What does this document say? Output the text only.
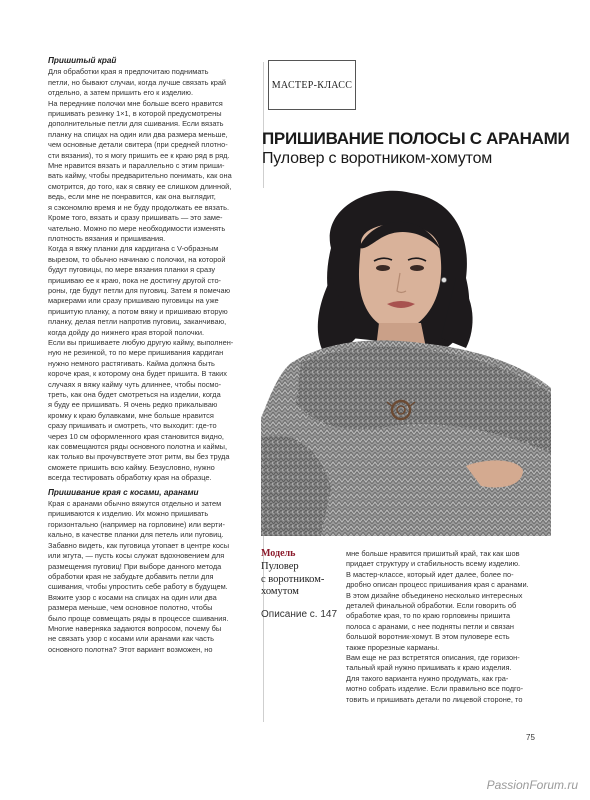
Пришитый край
Для обработки края я предпочитаю поднимать
петли, но бывают случаи, когда лучше связать край
отдельно, а затем пришить его к изделию.
На переднике полочки мне больше всего нравится
пришивать резинку 1×1, в которой предусмотрены
дополнительные петли для сшивания. Если вязать
планку на спицах на один или два размера меньше,
чем основные детали свитера (при средней плотно-
сти вязания), то я могу пришить ее к краю ряд в ряд.
Мне нравится вязать и параллельно с этим приши-
вать кайму, чтобы предварительно понимать, как она
смотрится, до того, как я свяжу ее слишком длинной,
ведь, если мне не понравится, как она выглядит,
я сэкономлю время и не буду продолжать ее вязать.
Кроме того, вязать и сразу пришивать — это заме-
чательно. Можно по мере необходимости изменять
плотность вязания и пришивания.
Когда я вяжу планки для кардигана с V-образным
вырезом, то обычно начинаю с полочки, на которой
будут пуговицы, по мере вязания планки я сразу
пришиваю ее к краю, пока не достигну другой сто-
роны, где будут петли для пуговиц. Затем я помечаю
маркерами или сразу пришиваю пуговицы на уже
пришитую планку, а потом вяжу и пришиваю вторую
планку, делая петли напротив пуговиц, заканчиваю,
когда дойду до нижнего края второй полочки.
Если вы пришиваете любую другую кайму, выполнен-
ную не резинкой, то по мере пришивания кардиган
нужно немного растягивать. Кайма должна быть
короче края, к которому она будет пришита. В таких
случаях я вяжу кайму чуть длиннее, чтобы посмо-
треть, как она будет смотреться на изделии, когда
я буду ее пришивать. Я очень редко прикалываю
кромку к краю булавками, мне больше нравится
сразу пришивать и смотреть, что выходит: где-то
через 10 см оформленного края становится видно,
как совмещаются ряды основного полотна и каймы,
как только вы прочувствуете этот ритм, вы без труда
сможете пришить всю кайму. Безусловно, нужно
всегда тестировать обработку края на образце.
Пришивание края с косами, аранами
Края с аранами обычно вяжутся отдельно и затем
пришиваются к изделию. Их можно пришивать
горизонтально (например на горловине) или верти-
кально, в качестве планки для петель или пуговиц.
Забавно видеть, как пуговица утопает в центре косы
или жгута, — пусть косы служат вдохновением для
размещения пуговиц! При выборе данного метода
обработки края не забудьте добавить петли для
сшивания, чтобы упростить себе работу в будущем.
Вяжите узор с косами на спицах на один или два
размера меньше, чем основное полотно, чтобы
было проще совмещать ряды в процессе сшивания.
Многие наверняка задаются вопросом, почему бы
не связать узор с косами или аранами как часть
основного полотна? Этот вариант возможен, но
МАСТЕР-КЛАСС
ПРИШИВАНИЕ ПОЛОСЫ С АРАНАМИ
Пуловер с воротником-хомутом
Модель
Пуловер
с воротником-
хомутом
Описание с. 147
мне больше нравится пришитый край, так как шов
придает структуру и стабильность всему изделию.
В мастер-классе, который идет далее, более по-
дробно описан процесс пришивания края с аранами.
В этом дизайне объединено несколько интересных
деталей финальной обработки. Если говорить об
обработке края, то по краю горловины пришита
полоса с аранами, с нее подняты петли и связан
большой воротник-хомут. В этом пуловере есть
также прорезные карманы.
Вам еще не раз встретятся описания, где горизон-
тальный край нужно пришивать к краю изделия.
Для такого варианта нужно продумать, как гра-
мотно собрать изделие. Если правильно все подго-
товить и пришивать детали по лицевой стороне, то
75
PassionForum.ru
